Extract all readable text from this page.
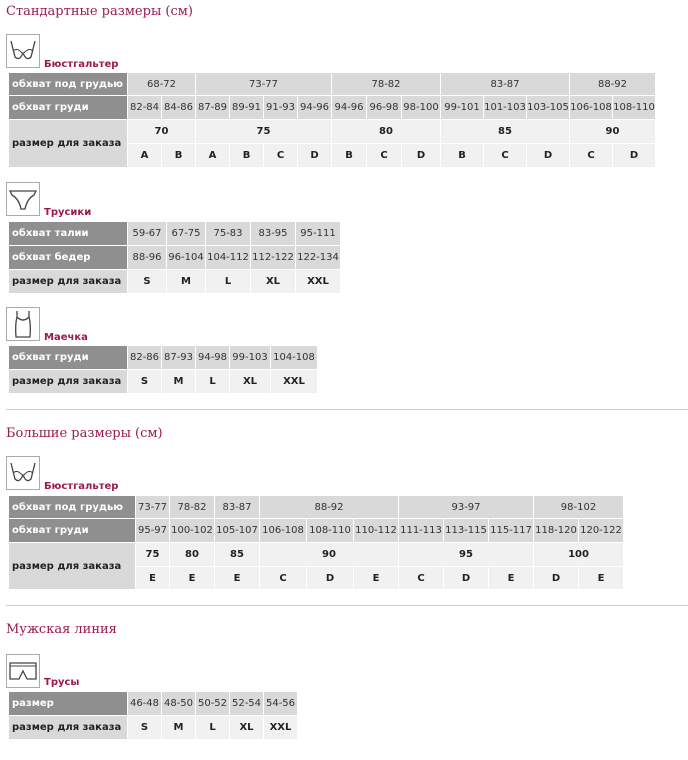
Стандартные размеры (см)
Бюстгальтер
обхват под грудью	68-72		73-77				78-82			83-87			88-92	
обхват груди	82-84	84-86	87-89	89-91	91-93	94-96	94-96	96-98	98-100	99-101	101-103	103-105	106-108	108-110
размер для заказа	70		75				80			85			90	
	A	B	A	B	C	D	B	C	D	B	C	D	C	D
Трусики
обхват талии	59-67	67-75	75-83	83-95	95-111
обхват бедер	88-96	96-104	104-112	112-122	122-134
размер для заказа	S	M	L	XL	XXL
Маечка
обхват груди	82-86	87-93	94-98	99-103	104-108
размер для заказа	S	M	L	XL	XXL
Большие размеры (см)
Бюстгальтер
обхват под грудью	73-77	78-82	83-87	88-92			93-97			98-102	
обхват груди	95-97	100-102	105-107	106-108	108-110	110-112	111-113	113-115	115-117	118-120	120-122
размер для заказа	75	80	85	90			95			100	
	E	E	E	C	D	E	C	D	E	D	E
Мужская линия
Трусы
размер	46-48	48-50	50-52	52-54	54-56
размер для заказа	S	M	L	XL	XXL
